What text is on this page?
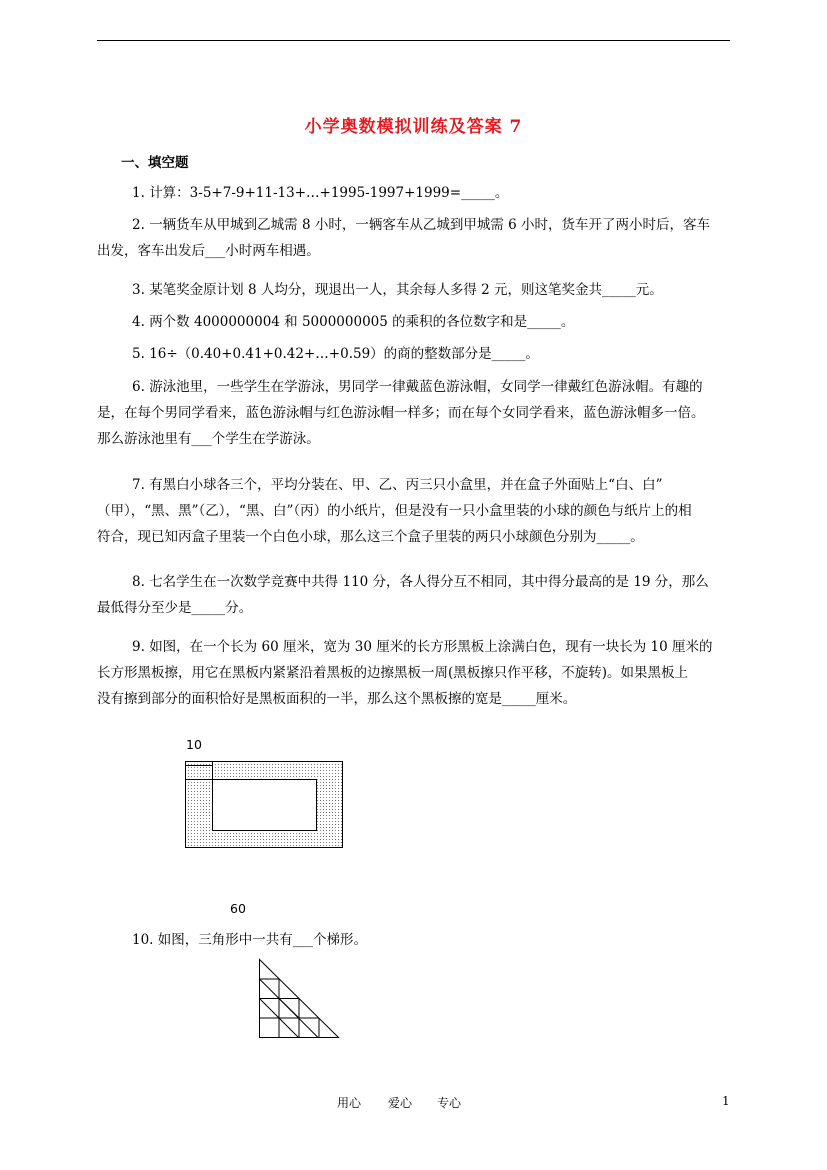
小学奥数模拟训练及答案 7
一、填空题
1. 计算：3-5+7-9+11-13+…+1995-1997+1999=_____。
2. 一辆货车从甲城到乙城需 8 小时，一辆客车从乙城到甲城需 6 小时，货车开了两小时后，客车
出发，客车出发后___小时两车相遇。
3. 某笔奖金原计划 8 人均分，现退出一人，其余每人多得 2 元，则这笔奖金共_____元。
4. 两个数 4000000004 和 5000000005 的乘积的各位数字和是_____。
5. 16÷（0.40+0.41+0.42+…+0.59）的商的整数部分是_____。
6. 游泳池里，一些学生在学游泳，男同学一律戴蓝色游泳帽，女同学一律戴红色游泳帽。有趣的
是，在每个男同学看来，蓝色游泳帽与红色游泳帽一样多；而在每个女同学看来，蓝色游泳帽多一倍。
那么游泳池里有___个学生在学游泳。
7. 有黑白小球各三个，平均分装在、甲、乙、丙三只小盒里，并在盒子外面贴上“白、白”
（甲），“黑、黑”（乙），“黑、白”（丙）的小纸片，但是没有一只小盒里装的小球的颜色与纸片上的相
符合，现已知丙盒子里装一个白色小球，那么这三个盒子里装的两只小球颜色分别为_____。
8. 七名学生在一次数学竞赛中共得 110 分，各人得分互不相同，其中得分最高的是 19 分，那么
最低得分至少是_____分。
9. 如图，在一个长为 60 厘米，宽为 30 厘米的长方形黑板上涂满白色，现有一块长为 10 厘米的
长方形黑板擦，用它在黑板内紧紧沿着黑板的边擦黑板一周(黑板擦只作平移，不旋转)。如果黑板上
没有擦到部分的面积恰好是黑板面积的一半，那么这个黑板擦的宽是_____厘米。
10
60
10. 如图，三角形中一共有___个梯形。
用心 爱心 专心	1
